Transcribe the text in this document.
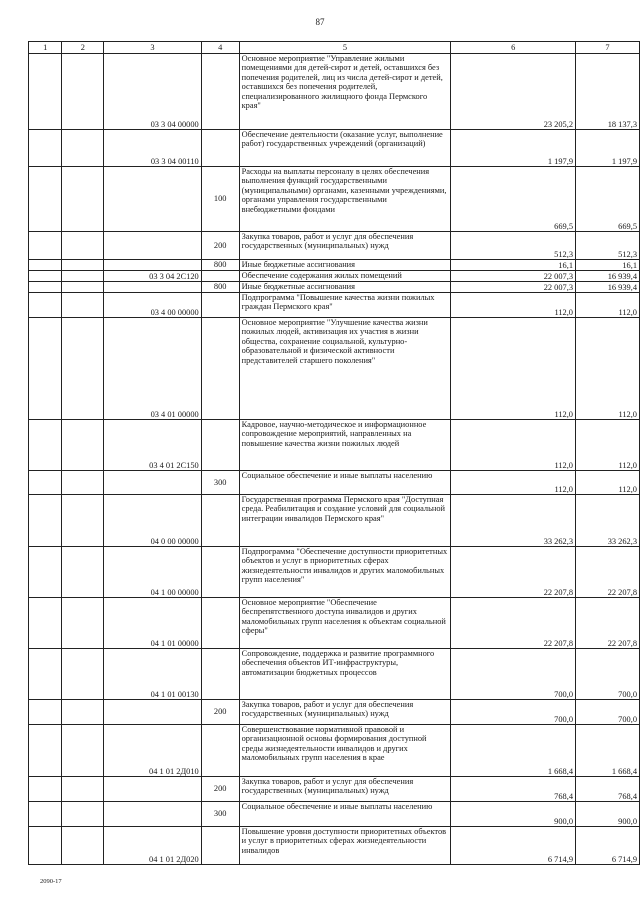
87
1	2	3	4	5	6	7
		03 3 04 00000		Основное мероприятие "Управление жилыми помещениями для детей-сирот и детей, оставшихся без попечения родителей, лиц из числа детей-сирот и детей, оставшихся без попечения родителей, специализированного жилищного фонда Пермского края"	23 205,2	18 137,3
		03 3 04 00110		Обеспечение деятельности (оказание услуг, выполнение работ) государственных учреждений (организаций)	1 197,9	1 197,9
			100	Расходы на выплаты персоналу в целях обеспечения выполнения функций государственными (муниципальными) органами, казенными учреждениями, органами управления государственными внебюджетными фондами	669,5	669,5
			200	Закупка товаров, работ и услуг для обеспечения государственных (муниципальных) нужд	512,3	512,3
			800	Иные бюджетные ассигнования	16,1	16,1
		03 3 04 2С120		Обеспечение содержания жилых помещений	22 007,3	16 939,4
			800	Иные бюджетные ассигнования	22 007,3	16 939,4
		03 4 00 00000		Подпрограмма "Повышение качества жизни пожилых граждан Пермского края"	112,0	112,0
		03 4 01 00000		Основное мероприятие "Улучшение качества жизни пожилых людей, активизация их участия в жизни общества, сохранение социальной, культурно-образовательной и физической активности представителей старшего поколения"	112,0	112,0
		03 4 01 2С150		Кадровое, научно-методическое и информационное сопровождение мероприятий, направленных на повышение качества жизни пожилых людей	112,0	112,0
			300	Социальное обеспечение и иные выплаты населению	112,0	112,0
		04 0 00 00000		Государственная программа Пермского края "Доступная среда. Реабилитация и создание условий для социальной интеграции инвалидов Пермского края"	33 262,3	33 262,3
		04 1 00 00000		Подпрограмма "Обеспечение доступности приоритетных объектов и услуг в приоритетных сферах жизнедеятельности инвалидов и других маломобильных групп населения"	22 207,8	22 207,8
		04 1 01 00000		Основное мероприятие "Обеспечение беспрепятственного доступа инвалидов и других маломобильных групп населения к объектам социальной сферы"	22 207,8	22 207,8
		04 1 01 00130		Сопровождение, поддержка и развитие программного обеспечения объектов ИТ-инфраструктуры, автоматизации бюджетных процессов	700,0	700,0
			200	Закупка товаров, работ и услуг для обеспечения государственных (муниципальных) нужд	700,0	700,0
		04 1 01 2Д010		Совершенствование нормативной правовой и организационной основы формирования доступной среды жизнедеятельности инвалидов и других маломобильных групп населения в крае	1 668,4	1 668,4
			200	Закупка товаров, работ и услуг для обеспечения государственных (муниципальных) нужд	768,4	768,4
			300	Социальное обеспечение и иные выплаты населению	900,0	900,0
		04 1 01 2Д020		Повышение уровня доступности приоритетных объектов и услуг в приоритетных сферах жизнедеятельности инвалидов	6 714,9	6 714,9
2090-17
